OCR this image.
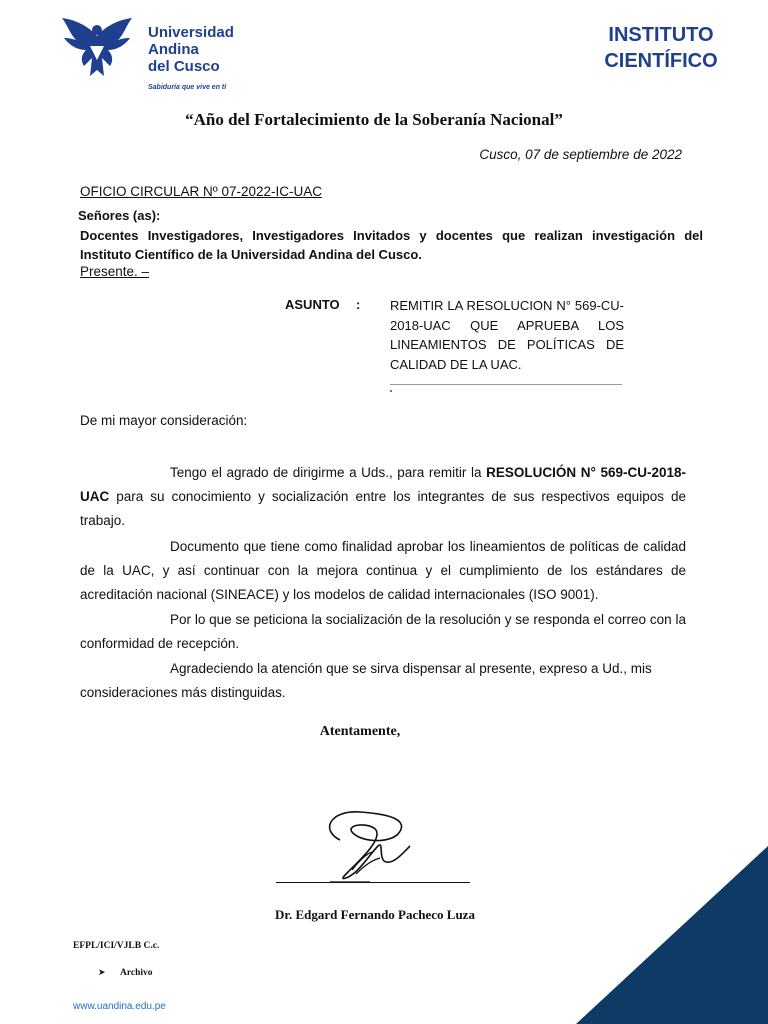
Universidad
Andina
del Cusco
Sabiduría que vive en ti
INSTITUTO
CIENTÍFICO
“Año del Fortalecimiento de la Soberanía Nacional”
Cusco, 07 de septiembre de 2022
OFICIO CIRCULAR Nº 07-2022-IC-UAC
Señores (as):
Docentes Investigadores, Investigadores Invitados y docentes que realizan investigación del Instituto Científico de la Universidad Andina del Cusco.
Presente. –
ASUNTO : REMITIR LA RESOLUCION N° 569-CU-2018-UAC QUE APRUEBA LOS LINEAMIENTOS DE POLÍTICAS DE CALIDAD DE LA UAC.
De mi mayor consideración:
Tengo el agrado de dirigirme a Uds., para remitir la RESOLUCIÓN N° 569-CU-2018-UAC para su conocimiento y socialización entre los integrantes de sus respectivos equipos de trabajo.
Documento que tiene como finalidad aprobar los lineamientos de políticas de calidad de la UAC, y así continuar con la mejora continua y el cumplimiento de los estándares de acreditación nacional (SINEACE) y los modelos de calidad internacionales (ISO 9001).
Por lo que se peticiona la socialización de la resolución y se responda el correo con la conformidad de recepción.
Agradeciendo la atención que se sirva dispensar al presente, expreso a Ud., mis consideraciones más distinguidas.
Atentamente,
Dr. Edgard Fernando Pacheco Luza
EFPL/ICI/VJLB C.c.
➤ Archivo
www.uandina.edu.pe
